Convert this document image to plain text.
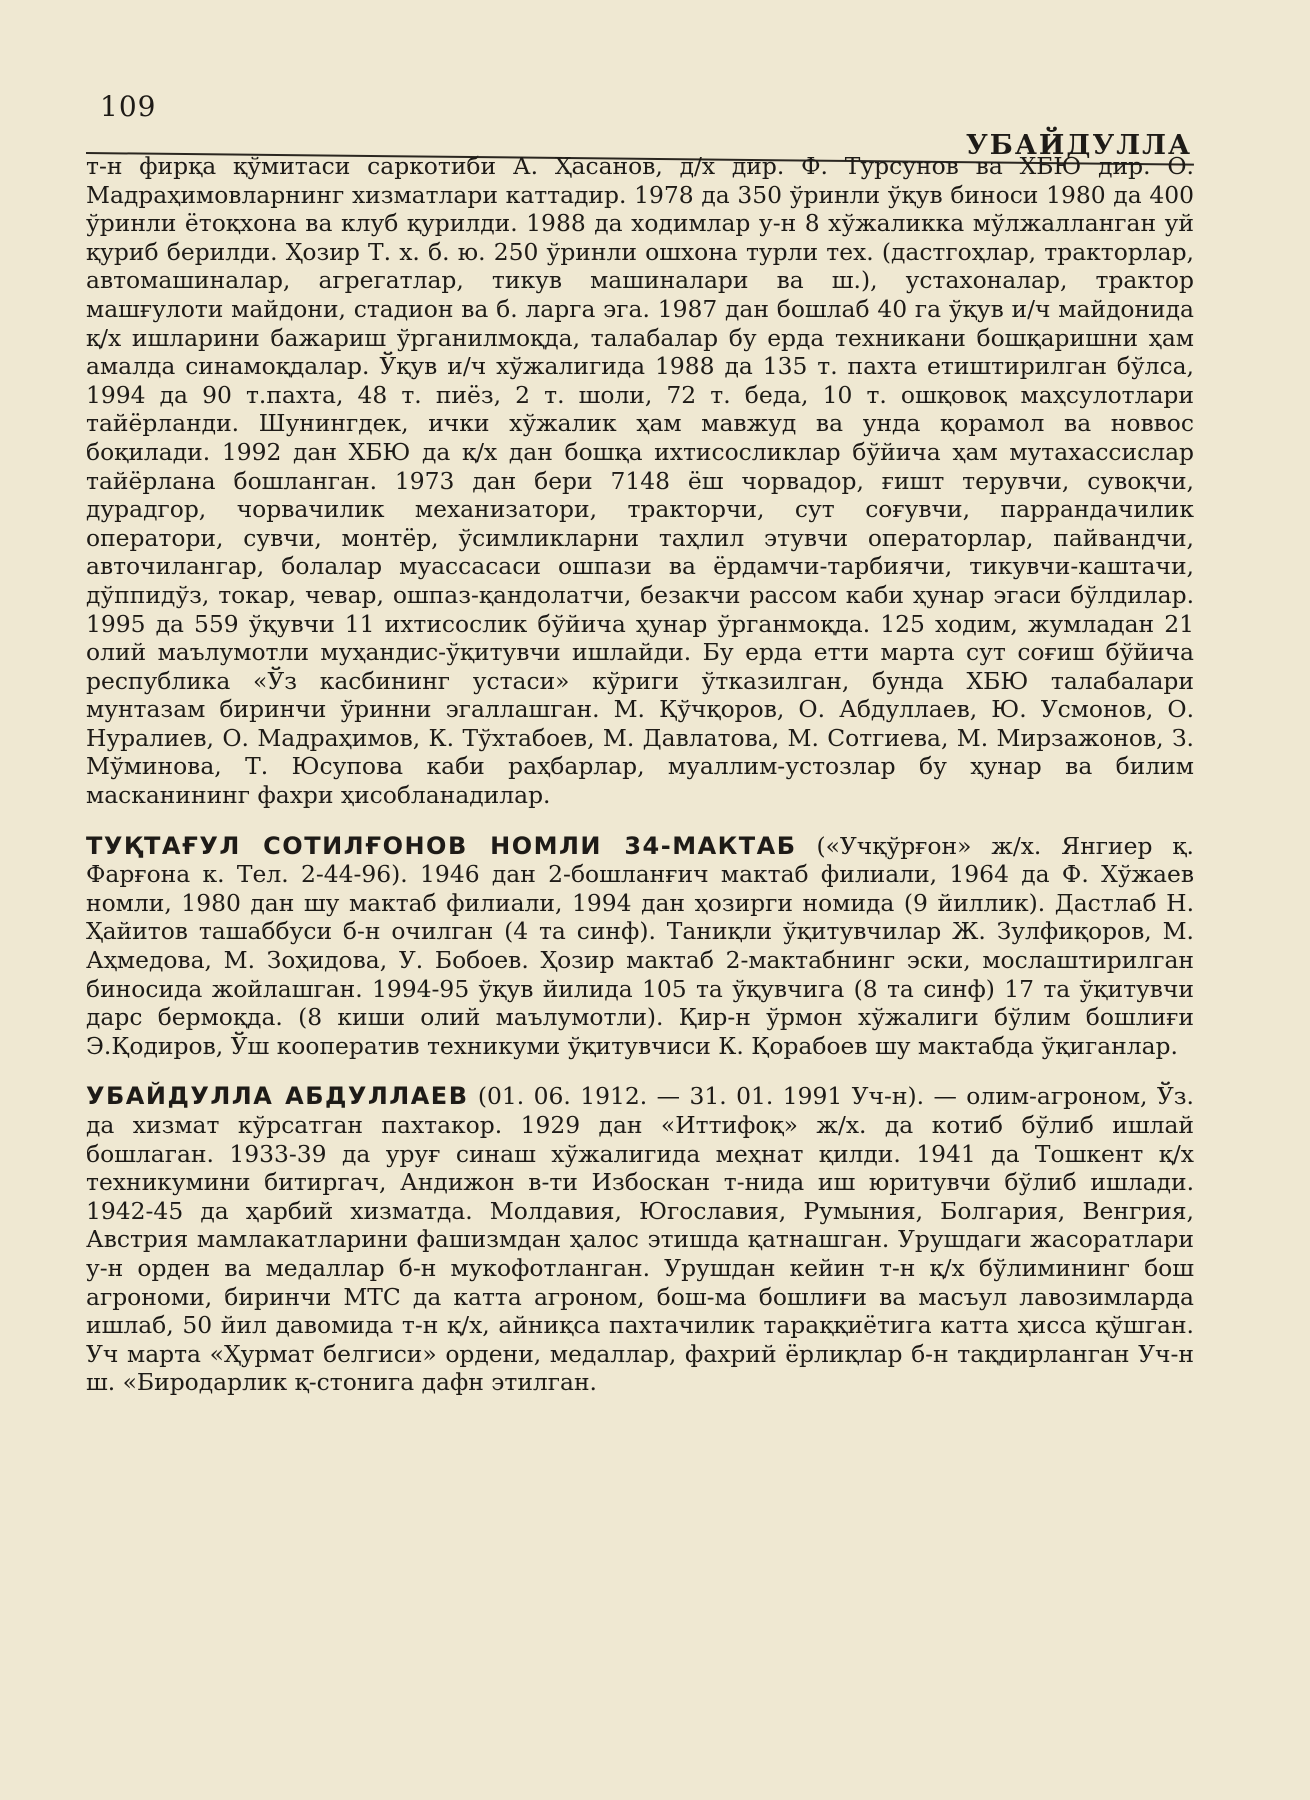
109
УБАЙДУЛЛА

т-н фирқа қўмитаси саркотиби А. Ҳасанов, д/х дир. Ф. Турсунов ва ХБЮ дир. О. Мадраҳимовларнинг хизматлари каттадир. 1978 да 350 ўринли ўқув биноси 1980 да 400 ўринли ётоқхона ва клуб қурилди. 1988 да ходимлар у-н 8 хўжаликка мўлжалланган уй қуриб берилди. Ҳозир Т. х. б. ю. 250 ўринли ошхона турли тех. (дастгоҳлар, тракторлар, автомашиналар, агрегатлар, тикув машиналари ва ш.), устахоналар, трактор машғулоти майдони, стадион ва б. ларга эга. 1987 дан бошлаб 40 га ўқув и/ч майдонида қ/х ишларини бажариш ўрганилмоқда, талабалар бу ерда техникани бошқаришни ҳам амалда синамоқдалар. Ўқув и/ч хўжалигида 1988 да 135 т. пахта етиштирилган бўлса, 1994 да 90 т.пахта, 48 т. пиёз, 2 т. шоли, 72 т. беда, 10 т. ошқовоқ маҳсулотлари тайёрланди. Шунингдек, ички хўжалик ҳам мавжуд ва унда қорамол ва новвос боқилади. 1992 дан ХБЮ да қ/х дан бошқа ихтисосликлар бўйича ҳам мутахассислар тайёрлана бошланган. 1973 дан бери 7148 ёш чорвадор, ғишт терувчи, сувоқчи, дурадгор, чорвачилик механизатори, тракторчи, сут соғувчи, паррандачилик оператори, сувчи, монтёр, ўсимликларни таҳлил этувчи операторлар, пайвандчи, авточилангар, болалар муассасаси ошпази ва ёрдамчи-тарбиячи, тикувчи-каштачи, дўппидўз, токар, чевар, ошпаз-қандолатчи, безакчи рассом каби ҳунар эгаси бўлдилар. 1995 да 559 ўқувчи 11 ихтисослик бўйича ҳунар ўрганмоқда. 125 ходим, жумладан 21 олий маълумотли муҳандис-ўқитувчи ишлайди. Бу ерда етти марта сут соғиш бўйича республика «Ўз касбининг устаси» кўриги ўтказилган, бунда ХБЮ талабалари мунтазам биринчи ўринни эгаллашган. М. Қўчқоров, О. Абдуллаев, Ю. Усмонов, О. Нуралиев, О. Мадраҳимов, К. Тўхтабоев, М. Давлатова, М. Сотгиева, М. Мирзажонов, З. Мўминова, Т. Юсупова каби раҳбарлар, муаллим-устозлар бу ҳунар ва билим масканининг фахри ҳисобланадилар.

ТУҚТАҒУЛ СОТИЛҒОНОВ НОМЛИ 34-МАКТАБ («Учқўрғон» ж/х. Янгиер қ. Фарғона к. Тел. 2-44-96). 1946 дан 2-бошланғич мактаб филиали, 1964 да Ф. Хўжаев номли, 1980 дан шу мактаб филиали, 1994 дан ҳозирги номида (9 йиллик). Дастлаб Н. Ҳайитов ташаббуси б-н очилган (4 та синф). Таниқли ўқитувчилар Ж. Зулфиқоров, М. Аҳмедова, М. Зоҳидова, У. Бобоев. Ҳозир мактаб 2-мактабнинг эски, мослаштирилган биносида жойлашган. 1994-95 ўқув йилида 105 та ўқувчига (8 та синф) 17 та ўқитувчи дарс бермоқда. (8 киши олий маълумотли). Қир-н ўрмон хўжалиги бўлим бошлиғи Э.Қодиров, Ўш кооператив техникуми ўқитувчиси К. Қорабоев шу мактабда ўқиганлар.

УБАЙДУЛЛА АБДУЛЛАЕВ (01. 06. 1912. — 31. 01. 1991 Уч-н). — олим-агроном, Ўз. да хизмат кўрсатган пахтакор. 1929 дан «Иттифоқ» ж/х. да котиб бўлиб ишлай бошлаган. 1933-39 да уруғ синаш хўжалигида меҳнат қилди. 1941 да Тошкент қ/х техникумини битиргач, Андижон в-ти Избоскан т-нида иш юритувчи бўлиб ишлади. 1942-45 да ҳарбий хизматда. Молдавия, Югославия, Румыния, Болгария, Венгрия, Австрия мамлакатларини фашизмдан ҳалос этишда қатнашган. Урушдаги жасоратлари у-н орден ва медаллар б-н мукофотланган. Урушдан кейин т-н қ/х бўлимининг бош агрономи, биринчи МТС да катта агроном, бош-ма бошлиғи ва масъул лавозимларда ишлаб, 50 йил давомида т-н қ/х, айниқса пахтачилик тараққиётига катта ҳисса қўшган. Уч марта «Ҳурмат белгиси» ордени, медаллар, фахрий ёрлиқлар б-н тақдирланган Уч-н ш. «Биродарлик қ-стонига дафн этилган.
